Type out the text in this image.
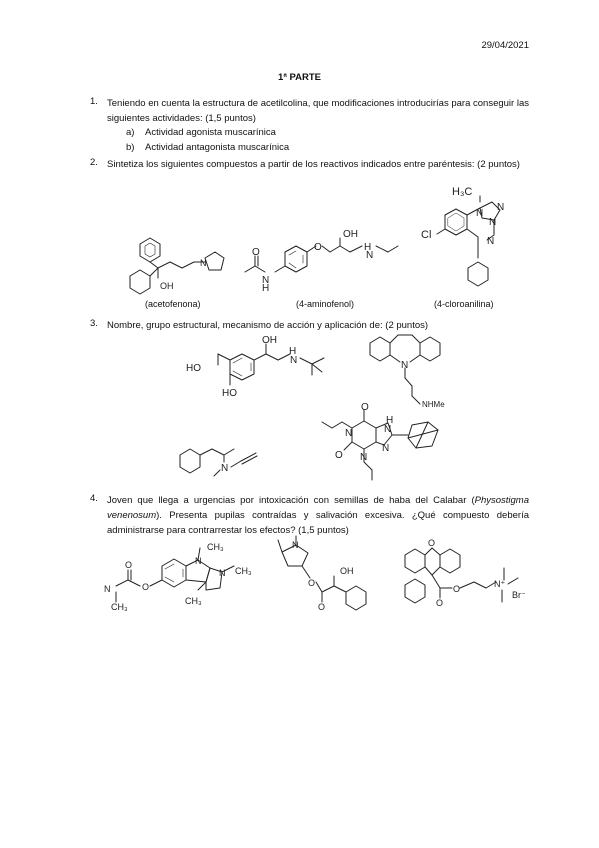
29/04/2021
1ª PARTE
1. Teniendo en cuenta la estructura de acetilcolina, que modificaciones introducirías para conseguir las siguientes actividades: (1,5 puntos)
a) Actividad agonista muscarínica
b) Actividad antagonista muscarínica
2. Sintetiza los siguientes compuestos a partir de los reactivos indicados entre paréntesis: (2 puntos)
OH
N
O
OH
H
N
O
N
H
H₃C
N
N
N
N
Cl
(acetofenona)	(4-aminofenol)	(4-cloroanilina)
3. Nombre, grupo estructural, mecanismo de acción y aplicación de: (2 puntos)
HO
HO
OH
H
N	N
NHMe
N
O
O
N
N
H
N
N
4. Joven que llega a urgencias por intoxicación con semillas de haba del Calabar (Physostigma venenosum). Presenta pupilas contraídas y salivación excesiva. ¿Qué compuesto debería administrarse para contrarrestar los efectos? (1,5 puntos)
CH₃
N
N CH₃
CH₃
O
O
N
CH₃
N
O
O
OH
O
O
O
N⁺
Br⁻
